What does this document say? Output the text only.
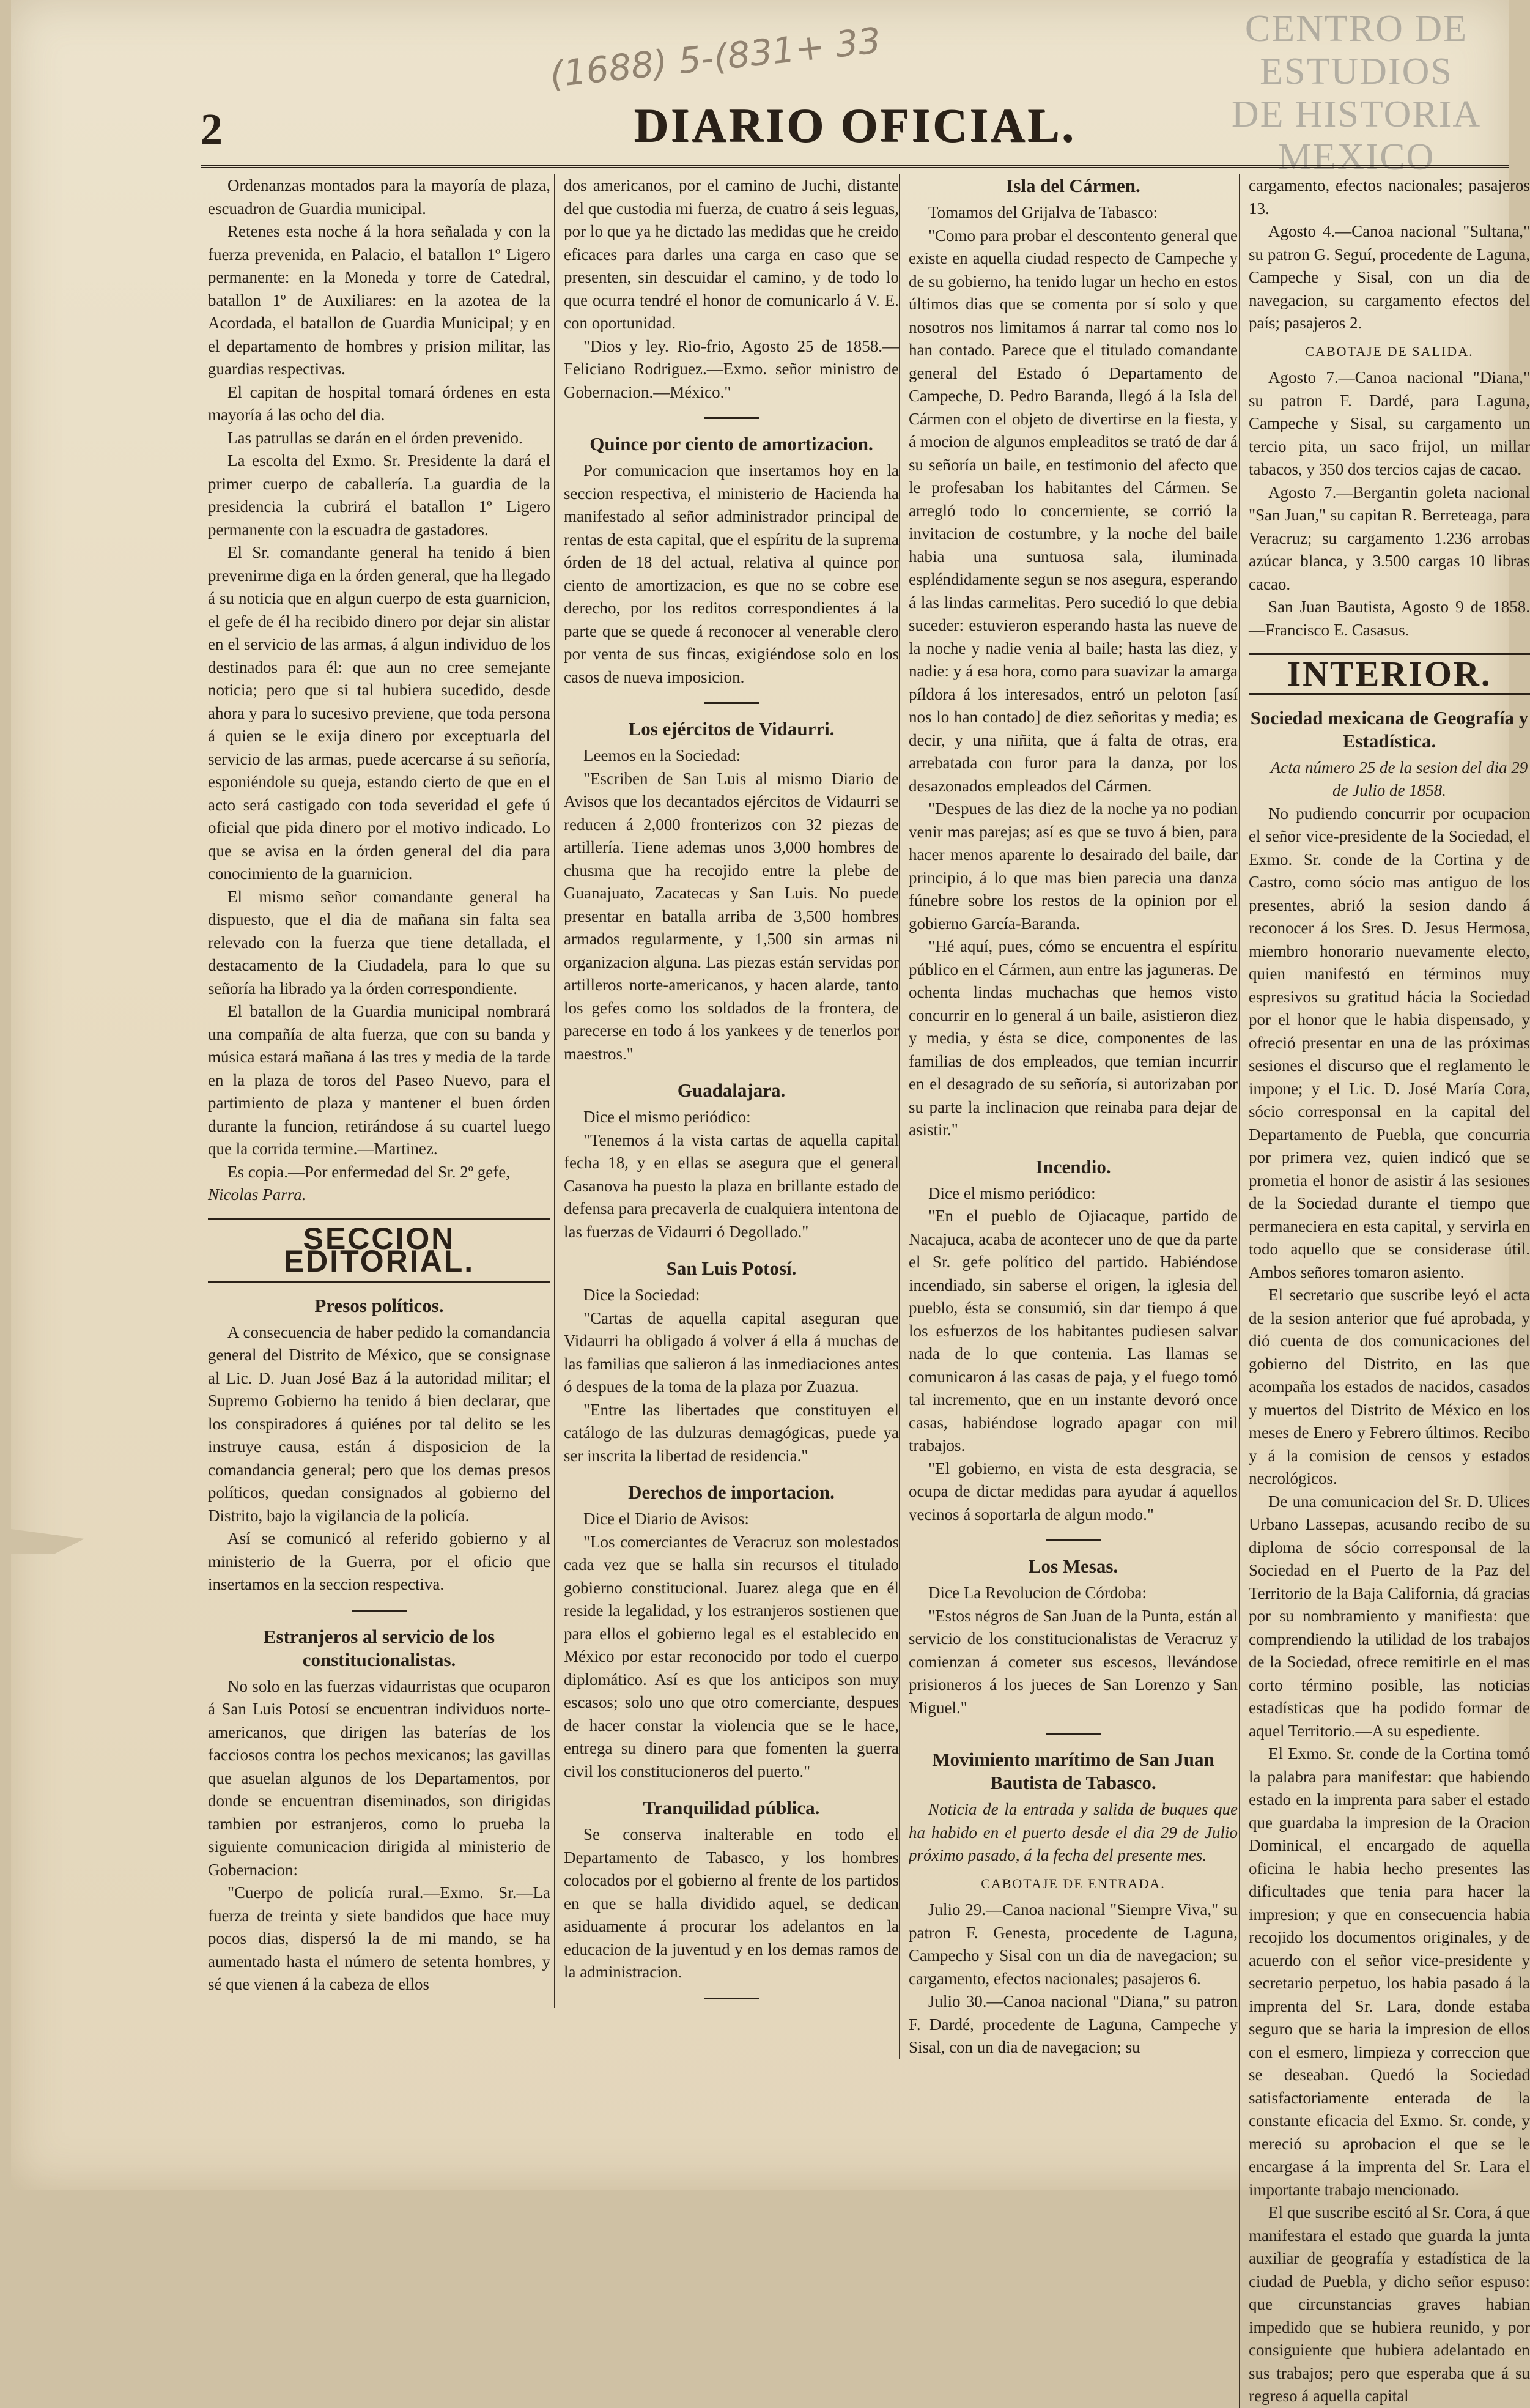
CENTRO DE
ESTUDIOS
DE HISTORIA
MEXICO
(1688) 5-(831+ 33
2	DIARIO OFICIAL.

Ordenanzas montados para la mayoría de plaza, escuadron de Guardia municipal.

Retenes esta noche á la hora señalada y con la fuerza prevenida, en Palacio, el batallon 1º Ligero permanente: en la Moneda y torre de Catedral, batallon 1º de Auxiliares: en la azotea de la Acordada, el batallon de Guardia Municipal; y en el departamento de hombres y prision militar, las guardias respectivas.

El capitan de hospital tomará órdenes en esta mayoría á las ocho del dia.

Las patrullas se darán en el órden prevenido.

La escolta del Exmo. Sr. Presidente la dará el primer cuerpo de caballería. La guardia de la presidencia la cubrirá el batallon 1º Ligero permanente con la escuadra de gastadores.

El Sr. comandante general ha tenido á bien prevenirme diga en la órden general, que ha llegado á su noticia que en algun cuerpo de esta guarnicion, el gefe de él ha recibido dinero por dejar sin alistar en el servicio de las armas, á algun individuo de los destinados para él: que aun no cree semejante noticia; pero que si tal hubiera sucedido, desde ahora y para lo sucesivo previene, que toda persona á quien se le exija dinero por exceptuarla del servicio de las armas, puede acercarse á su señoría, esponiéndole su queja, estando cierto de que en el acto será castigado con toda severidad el gefe ú oficial que pida dinero por el motivo indicado. Lo que se avisa en la órden general del dia para conocimiento de la guarnicion.

El mismo señor comandante general ha dispuesto, que el dia de mañana sin falta sea relevado con la fuerza que tiene detallada, el destacamento de la Ciudadela, para lo que su señoría ha librado ya la órden correspondiente.

El batallon de la Guardia municipal nombrará una compañía de alta fuerza, que con su banda y música estará mañana á las tres y media de la tarde en la plaza de toros del Paseo Nuevo, para el partimiento de plaza y mantener el buen órden durante la funcion, retirándose á su cuartel luego que la corrida termine.—Martinez.

Es copia.—Por enfermedad del Sr. 2º gefe,

Nicolas Parra.

SECCION EDITORIAL.
Presos políticos.

A consecuencia de haber pedido la comandancia general del Distrito de México, que se consignase al Lic. D. Juan José Baz á la autoridad militar; el Supremo Gobierno ha tenido á bien declarar, que los conspiradores á quiénes por tal delito se les instruye causa, están á disposicion de la comandancia general; pero que los demas presos políticos, quedan consignados al gobierno del Distrito, bajo la vigilancia de la policía.

Así se comunicó al referido gobierno y al ministerio de la Guerra, por el oficio que insertamos en la seccion respectiva.

Estranjeros al servicio de los constitucionalistas.

No solo en las fuerzas vidaurristas que ocuparon á San Luis Potosí se encuentran individuos norte-americanos, que dirigen las baterías de los facciosos contra los pechos mexicanos; las gavillas que asuelan algunos de los Departamentos, por donde se encuentran diseminados, son dirigidas tambien por estranjeros, como lo prueba la siguiente comunicacion dirigida al ministerio de Gobernacion:

"Cuerpo de policía rural.—Exmo. Sr.—La fuerza de treinta y siete bandidos que hace muy pocos dias, dispersó la de mi mando, se ha aumentado hasta el número de setenta hombres, y sé que vienen á la cabeza de ellos

dos americanos, por el camino de Juchi, distante del que custodia mi fuerza, de cuatro á seis leguas, por lo que ya he dictado las medidas que he creido eficaces para darles una carga en caso que se presenten, sin descuidar el camino, y de todo lo que ocurra tendré el honor de comunicarlo á V. E. con oportunidad.

"Dios y ley. Rio-frio, Agosto 25 de 1858.—Feliciano Rodriguez.—Exmo. señor ministro de Gobernacion.—México."

Quince por ciento de amortizacion.

Por comunicacion que insertamos hoy en la seccion respectiva, el ministerio de Hacienda ha manifestado al señor administrador principal de rentas de esta capital, que el espíritu de la suprema órden de 18 del actual, relativa al quince por ciento de amortizacion, es que no se cobre ese derecho, por los reditos correspondientes á la parte que se quede á reconocer al venerable clero por venta de sus fincas, exigiéndose solo en los casos de nueva imposicion.

Los ejércitos de Vidaurri.

Leemos en la Sociedad:

"Escriben de San Luis al mismo Diario de Avisos que los decantados ejércitos de Vidaurri se reducen á 2,000 fronterizos con 32 piezas de artillería. Tiene ademas unos 3,000 hombres de chusma que ha recojido entre la plebe de Guanajuato, Zacatecas y San Luis. No puede presentar en batalla arriba de 3,500 hombres armados regularmente, y 1,500 sin armas ni organizacion alguna. Las piezas están servidas por artilleros norte-americanos, y hacen alarde, tanto los gefes como los soldados de la frontera, de parecerse en todo á los yankees y de tenerlos por maestros."

Guadalajara.

Dice el mismo periódico:

"Tenemos á la vista cartas de aquella capital fecha 18, y en ellas se asegura que el general Casanova ha puesto la plaza en brillante estado de defensa para precaverla de cualquiera intentona de las fuerzas de Vidaurri ó Degollado."

San Luis Potosí.

Dice la Sociedad:

"Cartas de aquella capital aseguran que Vidaurri ha obligado á volver á ella á muchas de las familias que salieron á las inmediaciones antes ó despues de la toma de la plaza por Zuazua.

"Entre las libertades que constituyen el catálogo de las dulzuras demagógicas, puede ya ser inscrita la libertad de residencia."

Derechos de importacion.

Dice el Diario de Avisos:

"Los comerciantes de Veracruz son molestados cada vez que se halla sin recursos el titulado gobierno constitucional. Juarez alega que en él reside la legalidad, y los estranjeros sostienen que para ellos el gobierno legal es el establecido en México por estar reconocido por todo el cuerpo diplomático. Así es que los anticipos son muy escasos; solo uno que otro comerciante, despues de hacer constar la violencia que se le hace, entrega su dinero para que fomenten la guerra civil los constitucioneros del puerto."

Tranquilidad pública.

Se conserva inalterable en todo el Departamento de Tabasco, y los hombres colocados por el gobierno al frente de los partidos en que se halla dividido aquel, se dedican asiduamente á procurar los adelantos en la educacion de la juventud y en los demas ramos de la administracion.

Isla del Cármen.

Tomamos del Grijalva de Tabasco:

"Como para probar el descontento general que existe en aquella ciudad respecto de Campeche y de su gobierno, ha tenido lugar un hecho en estos últimos dias que se comenta por sí solo y que nosotros nos limitamos á narrar tal como nos lo han contado. Parece que el titulado comandante general del Estado ó Departamento de Campeche, D. Pedro Baranda, llegó á la Isla del Cármen con el objeto de divertirse en la fiesta, y á mocion de algunos empleaditos se trató de dar á su señoría un baile, en testimonio del afecto que le profesaban los habitantes del Cármen. Se arregló todo lo concerniente, se corrió la invitacion de costumbre, y la noche del baile habia una suntuosa sala, iluminada espléndidamente segun se nos asegura, esperando á las lindas carmelitas. Pero sucedió lo que debia suceder: estuvieron esperando hasta las nueve de la noche y nadie venia al baile; hasta las diez, y nadie: y á esa hora, como para suavizar la amarga píldora á los interesados, entró un peloton [así nos lo han contado] de diez señoritas y media; es decir, y una niñita, que á falta de otras, era arrebatada con furor para la danza, por los desazonados empleados del Cármen.

"Despues de las diez de la noche ya no podian venir mas parejas; así es que se tuvo á bien, para hacer menos aparente lo desairado del baile, dar principio, á lo que mas bien parecia una danza fúnebre sobre los restos de la opinion por el gobierno García-Baranda.

"Hé aquí, pues, cómo se encuentra el espíritu público en el Cármen, aun entre las jaguneras. De ochenta lindas muchachas que hemos visto concurrir en lo general á un baile, asistieron diez y media, y ésta se dice, componentes de las familias de dos empleados, que temian incurrir en el desagrado de su señoría, si autorizaban por su parte la inclinacion que reinaba para dejar de asistir."

Incendio.

Dice el mismo periódico:

"En el pueblo de Ojiacaque, partido de Nacajuca, acaba de acontecer uno de que da parte el Sr. gefe político del partido. Habiéndose incendiado, sin saberse el origen, la iglesia del pueblo, ésta se consumió, sin dar tiempo á que los esfuerzos de los habitantes pudiesen salvar nada de lo que contenia. Las llamas se comunicaron á las casas de paja, y el fuego tomó tal incremento, que en un instante devoró once casas, habiéndose logrado apagar con mil trabajos.

"El gobierno, en vista de esta desgracia, se ocupa de dictar medidas para ayudar á aquellos vecinos á soportarla de algun modo."

Los Mesas.

Dice La Revolucion de Córdoba:

"Estos négros de San Juan de la Punta, están al servicio de los constitucionalistas de Veracruz y comienzan á cometer sus escesos, llevándose prisioneros á los jueces de San Lorenzo y San Miguel."

Movimiento marítimo de San Juan Bautista de Tabasco.

Noticia de la entrada y salida de buques que ha habido en el puerto desde el dia 29 de Julio próximo pasado, á la fecha del presente mes.

CABOTAJE DE ENTRADA.

Julio 29.—Canoa nacional "Siempre Viva," su patron F. Genesta, procedente de Laguna, Campecho y Sisal con un dia de navegacion; su cargamento, efectos nacionales; pasajeros 6.

Julio 30.—Canoa nacional "Diana," su patron F. Dardé, procedente de Laguna, Campeche y Sisal, con un dia de navegacion; su

cargamento, efectos nacionales; pasajeros 13.

Agosto 4.—Canoa nacional "Sultana," su patron G. Seguí, procedente de Laguna, Campeche y Sisal, con un dia de navegacion, su cargamento efectos del país; pasajeros 2.

CABOTAJE DE SALIDA.

Agosto 7.—Canoa nacional "Diana," su patron F. Dardé, para Laguna, Campeche y Sisal, su cargamento un tercio pita, un saco frijol, un millar tabacos, y 350 dos tercios cajas de cacao.

Agosto 7.—Bergantin goleta nacional "San Juan," su capitan R. Berreteaga, para Veracruz; su cargamento 1.236 arrobas azúcar blanca, y 3.500 cargas 10 libras cacao.

San Juan Bautista, Agosto 9 de 1858.—Francisco E. Casasus.

INTERIOR.
Sociedad mexicana de Geografía y Estadística.

Acta número 25 de la sesion del dia 29 de Julio de 1858.

No pudiendo concurrir por ocupacion el señor vice-presidente de la Sociedad, el Exmo. Sr. conde de la Cortina y de Castro, como sócio mas antiguo de los presentes, abrió la sesion dando á reconocer á los Sres. D. Jesus Hermosa, miembro honorario nuevamente electo, quien manifestó en términos muy espresivos su gratitud hácia la Sociedad por el honor que le habia dispensado, y ofreció presentar en una de las próximas sesiones el discurso que el reglamento le impone; y el Lic. D. José María Cora, sócio corresponsal en la capital del Departamento de Puebla, que concurria por primera vez, quien indicó que se prometia el honor de asistir á las sesiones de la Sociedad durante el tiempo que permaneciera en esta capital, y servirla en todo aquello que se considerase útil. Ambos señores tomaron asiento.

El secretario que suscribe leyó el acta de la sesion anterior que fué aprobada, y dió cuenta de dos comunicaciones del gobierno del Distrito, en las que acompaña los estados de nacidos, casados y muertos del Distrito de México en los meses de Enero y Febrero últimos. Recibo y á la comision de censos y estados necrológicos.

De una comunicacion del Sr. D. Ulices Urbano Lassepas, acusando recibo de su diploma de sócio corresponsal de la Sociedad en el Puerto de la Paz del Territorio de la Baja California, dá gracias por su nombramiento y manifiesta: que comprendiendo la utilidad de los trabajos de la Sociedad, ofrece remitirle en el mas corto término posible, las noticias estadísticas que ha podido formar de aquel Territorio.—A su espediente.

El Exmo. Sr. conde de la Cortina tomó la palabra para manifestar: que habiendo estado en la imprenta para saber el estado que guardaba la impresion de la Oracion Dominical, el encargado de aquella oficina le habia hecho presentes las dificultades que tenia para hacer la impresion; y que en consecuencia habia recojido los documentos originales, y de acuerdo con el señor vice-presidente y secretario perpetuo, los habia pasado á la imprenta del Sr. Lara, donde estaba seguro que se haria la impresion de ellos con el esmero, limpieza y correccion que se deseaban. Quedó la Sociedad satisfactoriamente enterada de la constante eficacia del Exmo. Sr. conde, y mereció su aprobacion el que se le encargase á la imprenta del Sr. Lara el importante trabajo mencionado.

El que suscribe escitó al Sr. Cora, á que manifestara el estado que guarda la junta auxiliar de geografía y estadística de la ciudad de Puebla, y dicho señor espuso: que circunstancias graves habian impedido que se hubiera reunido, y por consiguiente que hubiera adelantado en sus trabajos; pero que esperaba que á su regreso á aquella capital
